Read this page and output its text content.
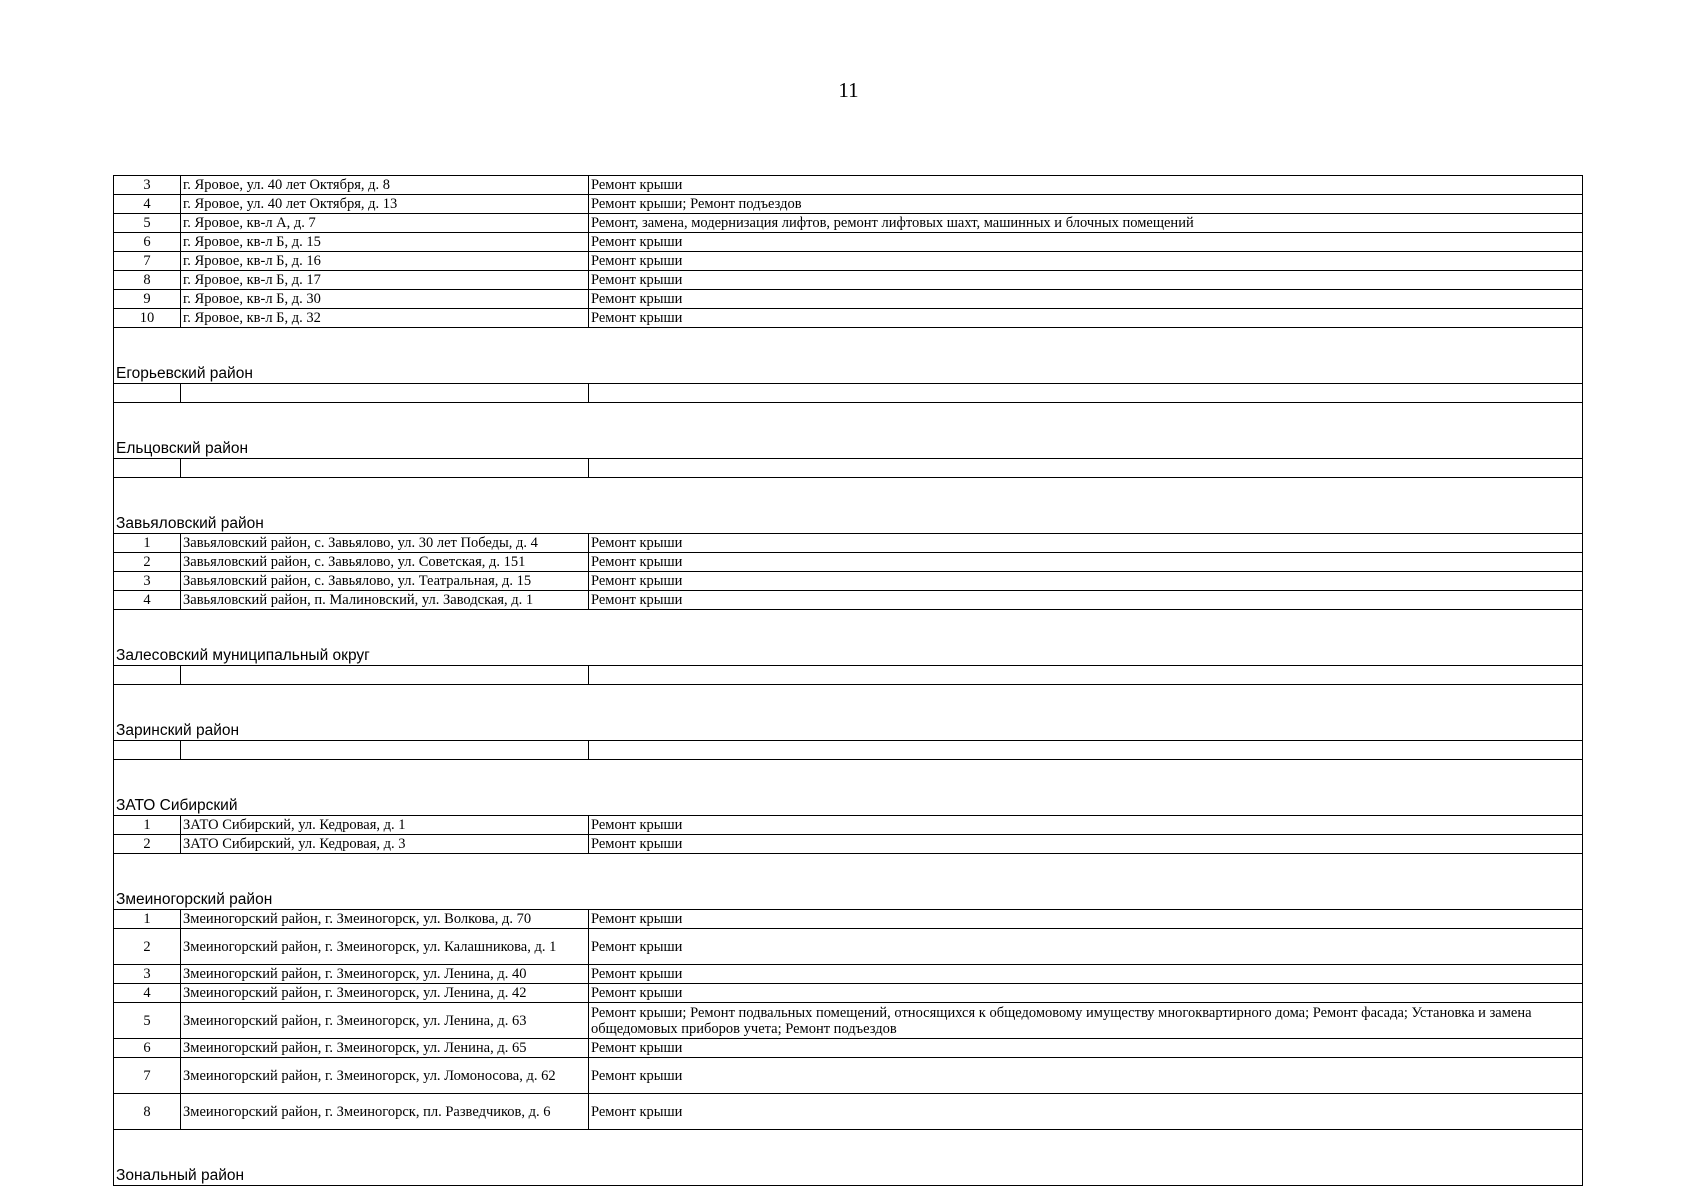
11
3	г. Яровое, ул. 40 лет Октября, д. 8	Ремонт крыши
4	г. Яровое, ул. 40 лет Октября, д. 13	Ремонт крыши; Ремонт подъездов
5	г. Яровое, кв-л А, д. 7	Ремонт, замена, модернизация лифтов, ремонт лифтовых шахт, машинных и блочных помещений
6	г. Яровое, кв-л Б, д. 15	Ремонт крыши
7	г. Яровое, кв-л Б, д. 16	Ремонт крыши
8	г. Яровое, кв-л Б, д. 17	Ремонт крыши
9	г. Яровое, кв-л Б, д. 30	Ремонт крыши
10	г. Яровое, кв-л Б, д. 32	Ремонт крыши

Егорьевский район		

Ельцовский район		

Завьяловский район		
1	Завьяловский район, с. Завьялово, ул. 30 лет Победы, д. 4	Ремонт крыши
2	Завьяловский район, с. Завьялово, ул. Советская, д. 151	Ремонт крыши
3	Завьяловский район, с. Завьялово, ул. Театральная, д. 15	Ремонт крыши
4	Завьяловский район, п. Малиновский, ул. Заводская, д. 1	Ремонт крыши

Залесовский муниципальный округ		

Заринский район		

ЗАТО Сибирский		
1	ЗАТО Сибирский, ул. Кедровая, д. 1	Ремонт крыши
2	ЗАТО Сибирский, ул. Кедровая, д. 3	Ремонт крыши

Змеиногорский район		
1	Змеиногорский район, г. Змеиногорск, ул. Волкова, д. 70	Ремонт крыши
2	Змеиногорский район, г. Змеиногорск, ул. Калашникова, д. 1	Ремонт крыши
3	Змеиногорский район, г. Змеиногорск, ул. Ленина, д. 40	Ремонт крыши
4	Змеиногорский район, г. Змеиногорск, ул. Ленина, д. 42	Ремонт крыши
5	Змеиногорский район, г. Змеиногорск, ул. Ленина, д. 63	Ремонт крыши; Ремонт подвальных помещений, относящихся к общедомовому имуществу многоквартирного дома; Ремонт фасада; Установка и замена общедомовых приборов учета; Ремонт подъездов
6	Змеиногорский район, г. Змеиногорск, ул. Ленина, д. 65	Ремонт крыши
7	Змеиногорский район, г. Змеиногорск, ул. Ломоносова, д. 62	Ремонт крыши
8	Змеиногорский район, г. Змеиногорск, пл. Разведчиков, д. 6	Ремонт крыши

Зональный район		
